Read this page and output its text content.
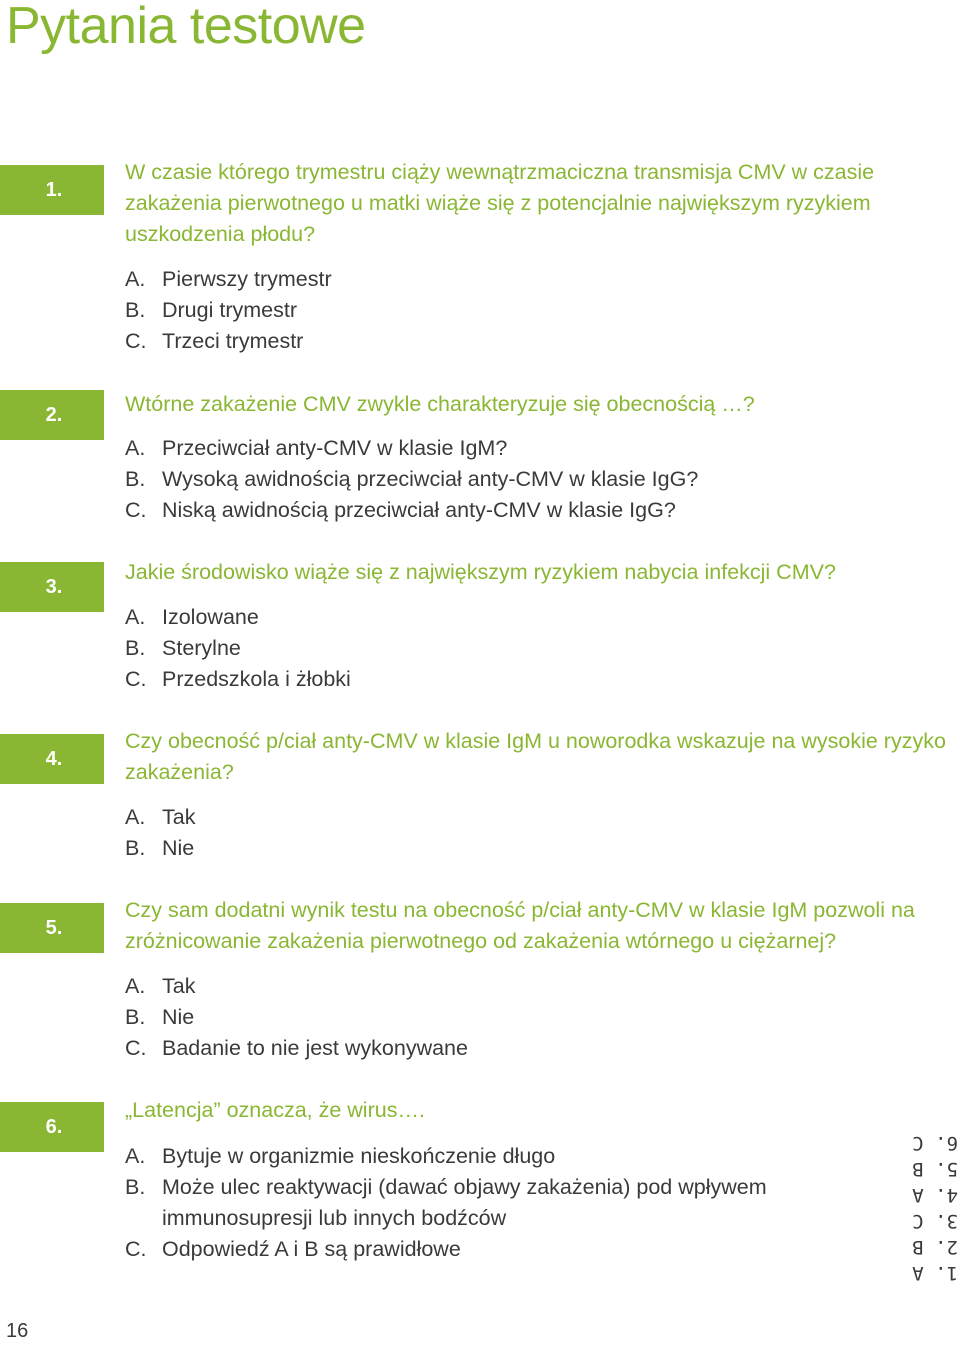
Pytania testowe
1.

W czasie którego trymestru ciąży wewnątrzmaciczna transmisja CMV w czasie zakażenia pierwotnego u matki wiąże się z potencjalnie największym ryzykiem uszkodzenia płodu?

A. Pierwszy trymestr
B. Drugi trymestr
C. Trzeci trymestr
2.	Wtórne zakażenie CMV zwykle charakteryzuje się obecnością …?

A. Przeciwciał anty-CMV w klasie IgM?
B. Wysoką awidnością przeciwciał anty-CMV w klasie IgG?
C. Niską awidnością przeciwciał anty-CMV w klasie IgG?
3.

Jakie środowisko wiąże się z największym ryzykiem nabycia infekcji CMV?

A. Izolowane
B. Sterylne
C. Przedszkola i żłobki
4.

Czy obecność p/ciał anty-CMV w klasie IgM u noworodka wskazuje na wysokie ryzyko zakażenia?

A. Tak
B. Nie
5.

Czy sam dodatni wynik testu na obecność p/ciał anty-CMV w klasie IgM pozwoli na zróżnicowanie zakażenia pierwotnego od zakażenia wtórnego u ciężarnej?

A. Tak
B. Nie
C. Badanie to nie jest wykonywane
6.

„Latencja” oznacza, że wirus….

A. Bytuje w organizmie nieskończenie długo
B. Może ulec reaktywacji (dawać objawy zakażenia) pod wpływem immunosupresji lub innych bodźców
C. Odpowiedź A i B są prawidłowe
1. A
2. B
3. C
4. A
5. B
6. C
16
